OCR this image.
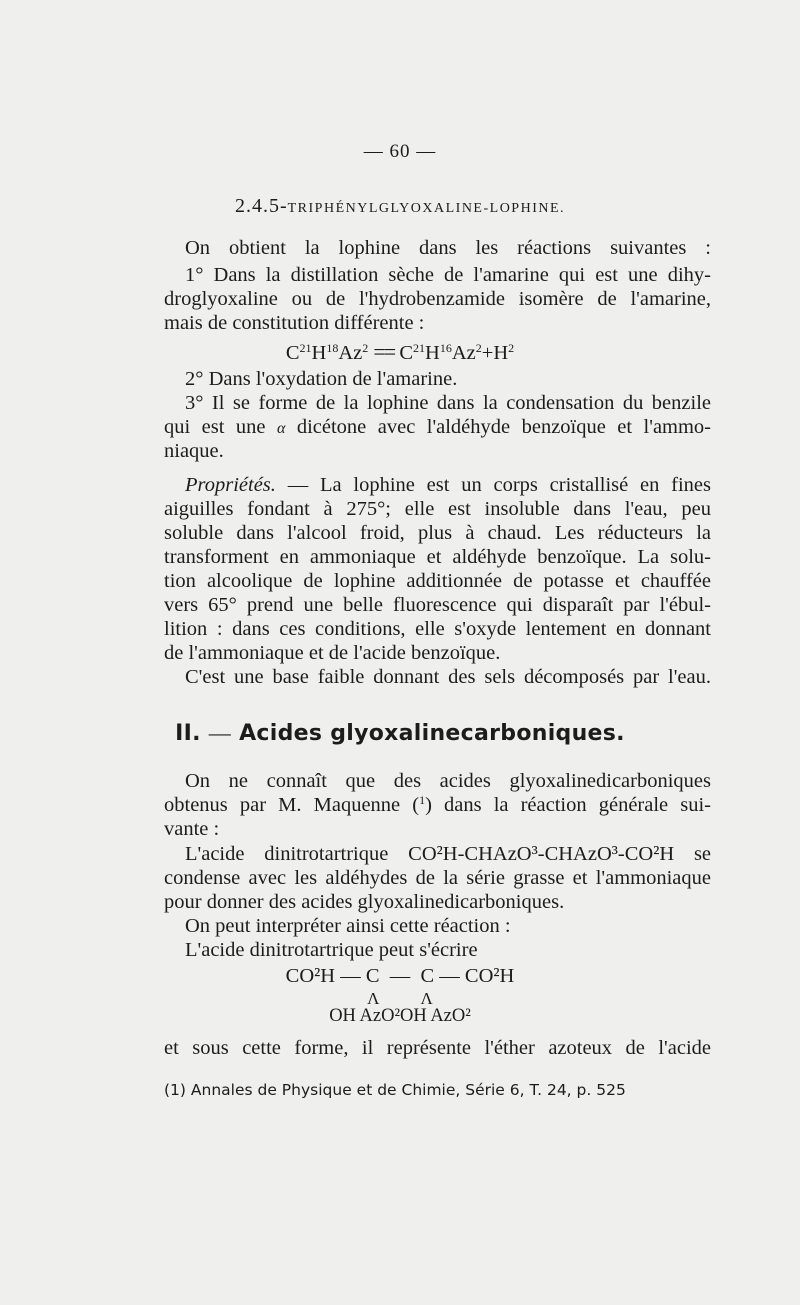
— 60 —
2.4.5-TRIPHÉNYLGLYOXALINE-LOPHINE.
On obtient la lophine dans les réactions suivantes :
1° Dans la distillation sèche de l'amarine qui est une dihy-
droglyoxaline ou de l'hydrobenzamide isomère de l'amarine,
mais de constitution différente :
$C^{21}H^{18}Az^2 == C^{21}H^{16}Az^2+H^2$
2° Dans l'oxydation de l'amarine.
3° Il se forme de la lophine dans la condensation du benzile
qui est une α dicétone avec l'aldéhyde benzoïque et l'ammo-
niaque.
Propriétés. — La lophine est un corps cristallisé en fines
aiguilles fondant à 275°; elle est insoluble dans l'eau, peu
soluble dans l'alcool froid, plus à chaud. Les réducteurs la
transforment en ammoniaque et aldéhyde benzoïque. La solu-
tion alcoolique de lophine additionnée de potasse et chauffée
vers 65° prend une belle fluorescence qui disparaît par l'ébul-
lition : dans ces conditions, elle s'oxyde lentement en donnant
de l'ammoniaque et de l'acide benzoïque.
C'est une base faible donnant des sels décomposés par l'eau.
II. — Acides glyoxalinecarboniques.
On ne connaît que des acides glyoxalinedicarboniques
obtenus par M. Maquenne ($^1$) dans la réaction générale sui-
vante :
L'acide dinitrotartrique CO²H-CHAzO³-CHAzO³-CO²H se
condense avec les aldéhydes de la série grasse et l'ammoniaque
pour donner des acides glyoxalinedicarboniques.
On peut interpréter ainsi cette réaction :
L'acide dinitrotartrique peut s'écrire
CO²H — C  —  C — CO²H
Λ          Λ
OH AzO²OH AzO²
et sous cette forme, il représente l'éther azoteux de l'acide
(1) Annales de Physique et de Chimie, Série 6, T. 24, p. 525
